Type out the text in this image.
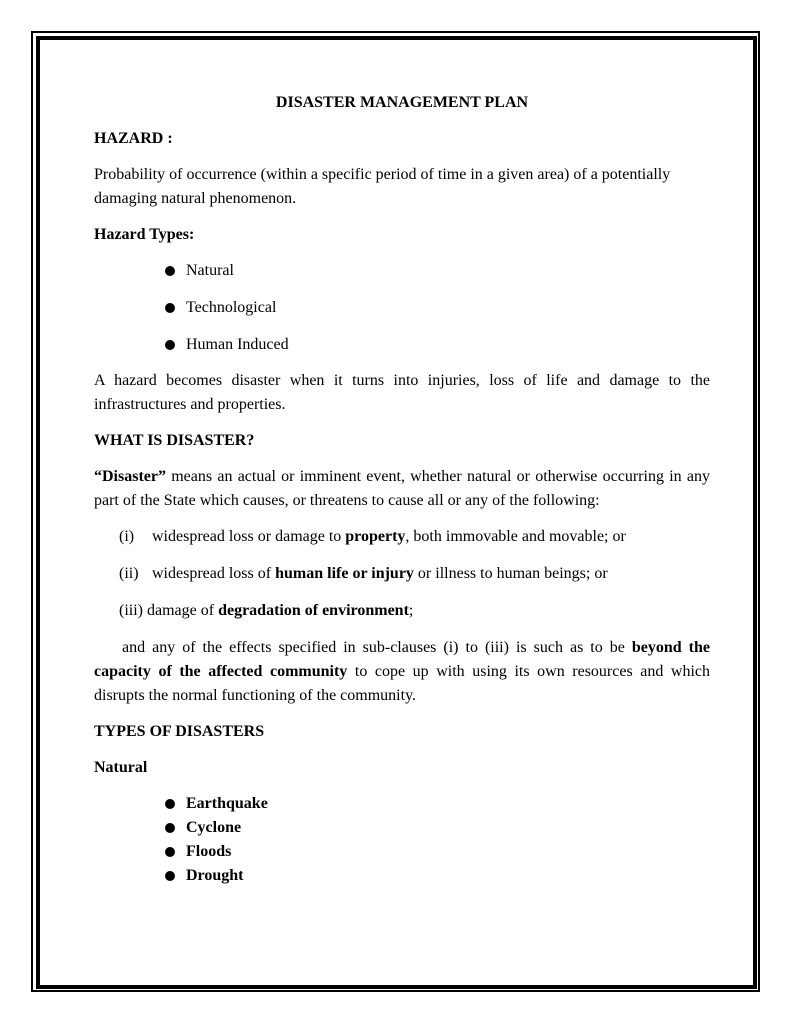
DISASTER MANAGEMENT PLAN
HAZARD :

Probability of occurrence (within a specific period of time in a given area) of a potentially damaging natural phenomenon.

Hazard Types:
Natural
Technological
Human Induced

A hazard becomes disaster when it turns into injuries, loss of life and damage to the infrastructures and properties.

WHAT IS DISASTER?

“Disaster” means an actual or imminent event, whether natural or otherwise occurring in any part of the State which causes, or threatens to cause all or any of the following:

(i) widespread loss or damage to property, both immovable and movable; or
(ii) widespread loss of human life or injury or illness to human beings; or
(iii) damage of degradation of environment;

and any of the effects specified in sub-clauses (i) to (iii) is such as to be beyond the capacity of the affected community to cope up with using its own resources and which disrupts the normal functioning of the community.

TYPES OF DISASTERS
Natural
Earthquake
Cyclone
Floods
Drought
